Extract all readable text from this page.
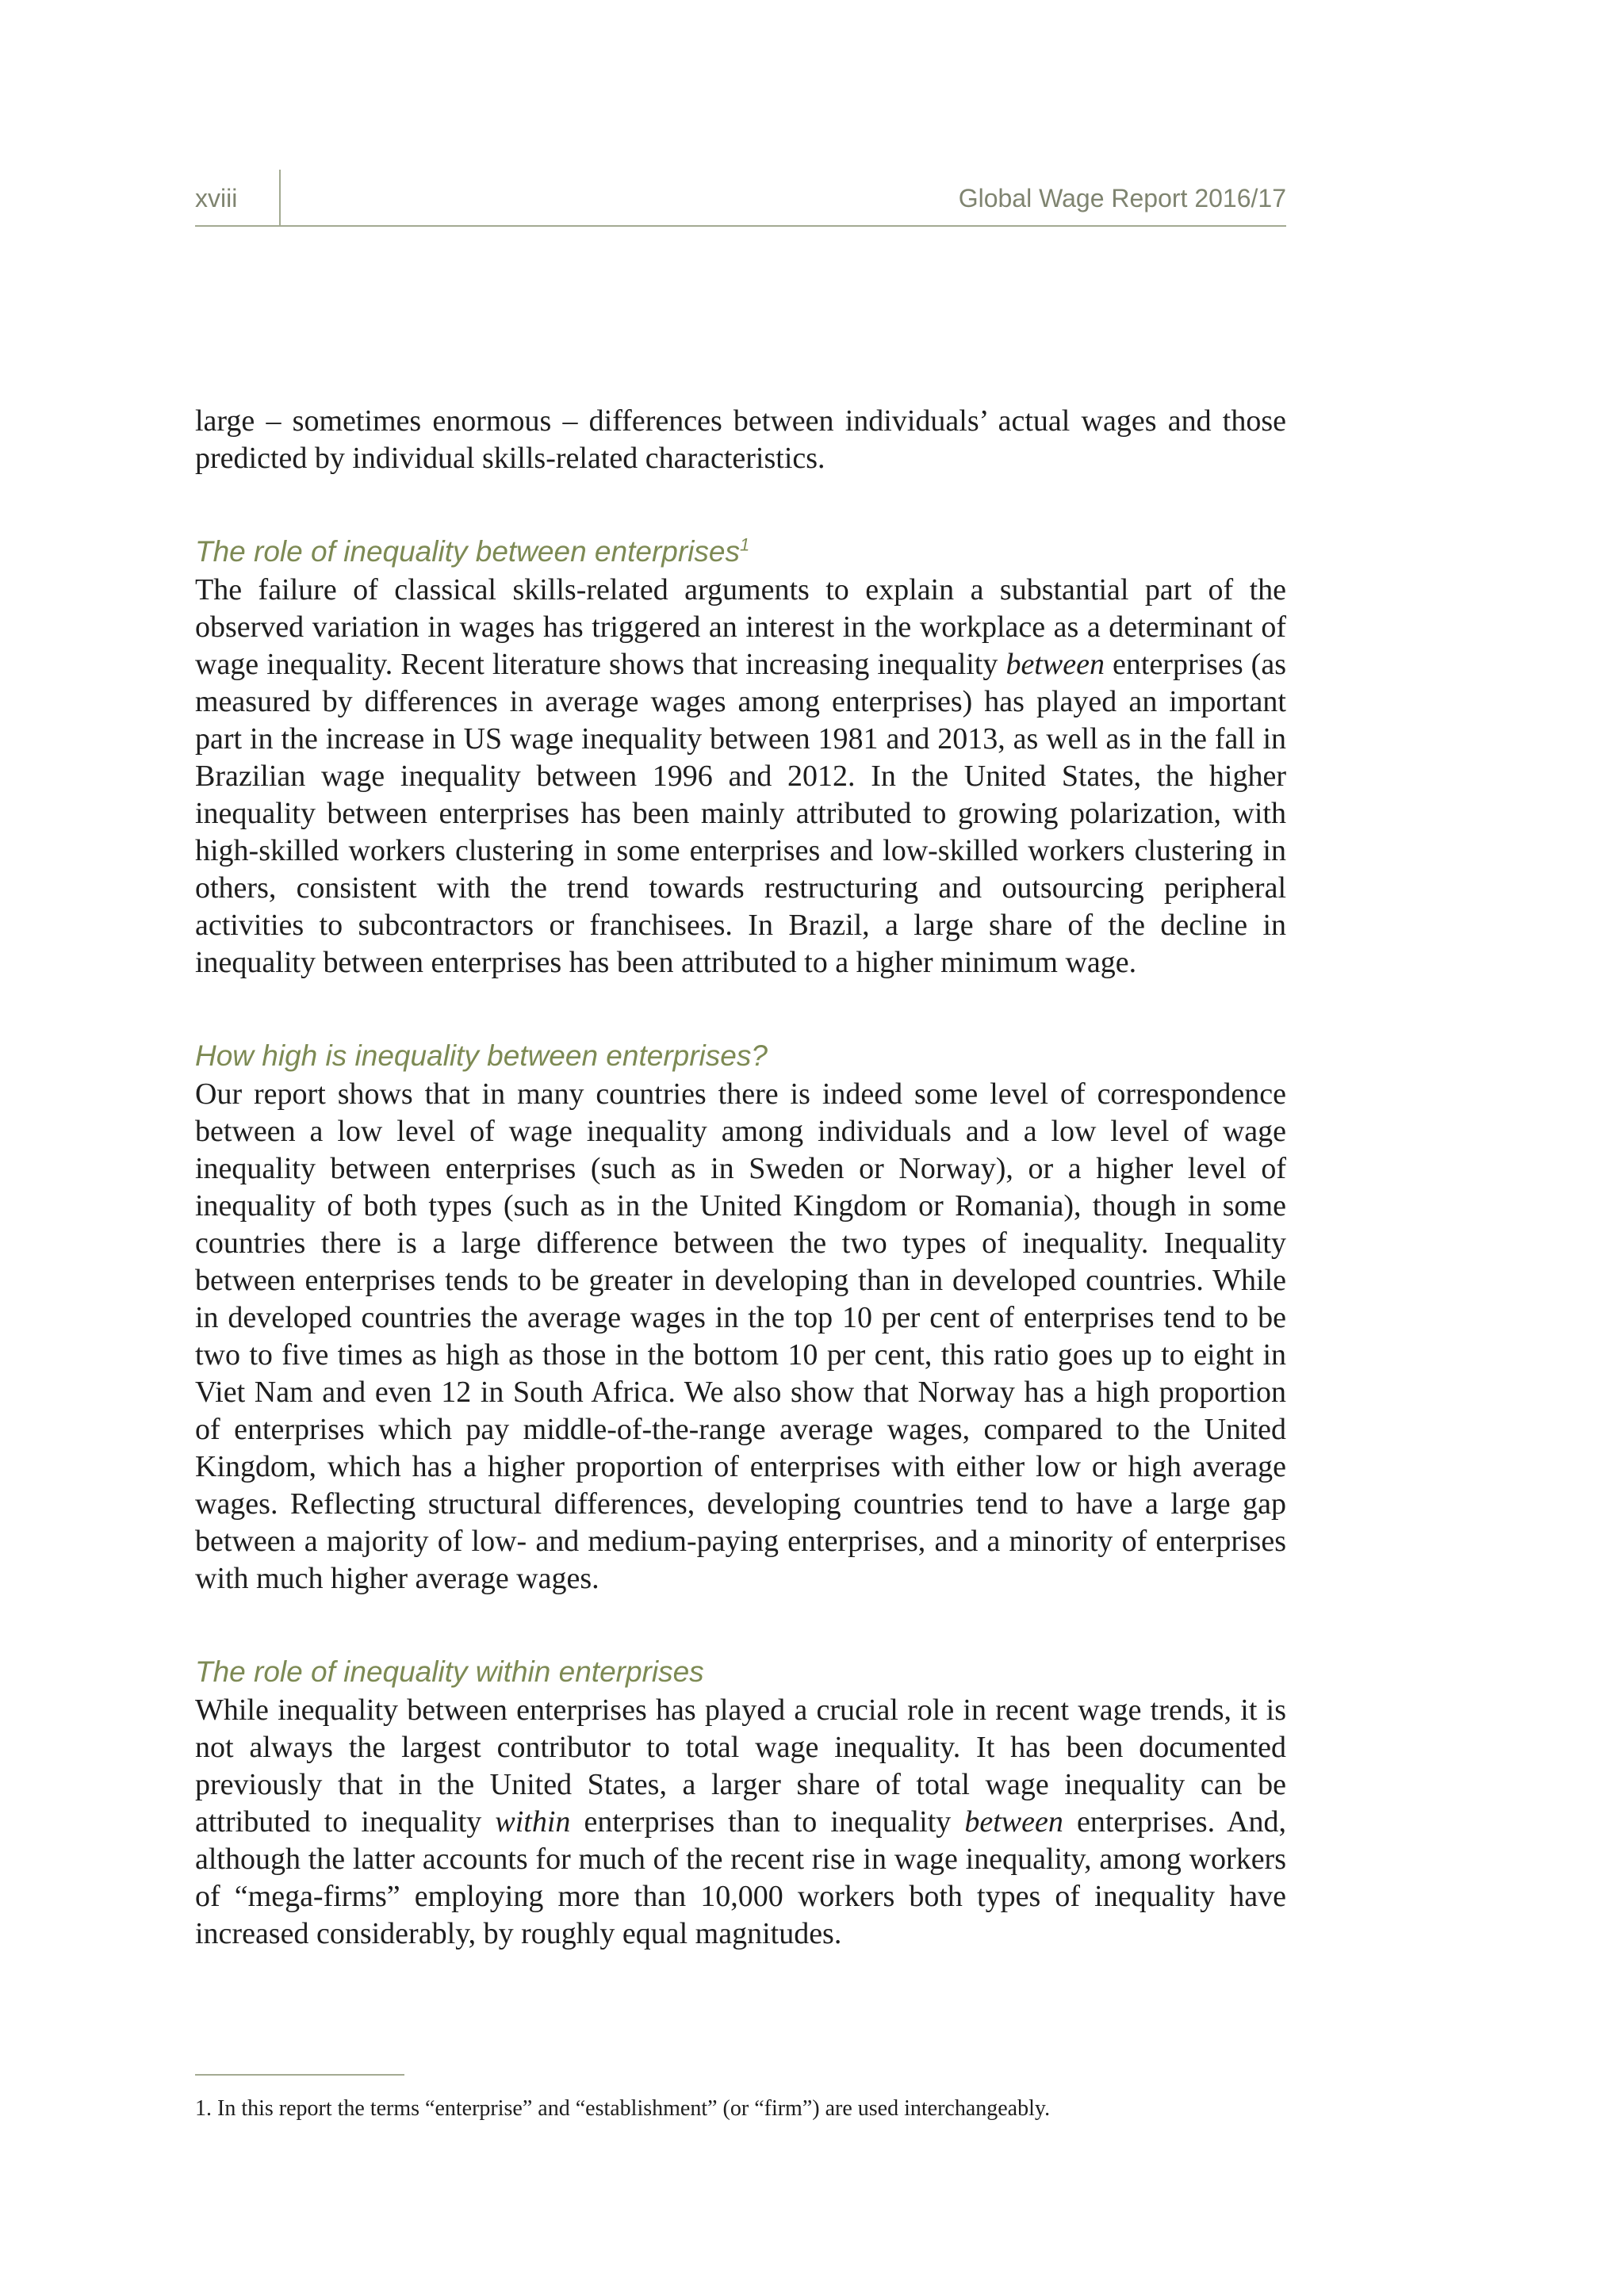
xviii	Global Wage Report 2016/17

large – sometimes enormous – differences between individuals’ actual wages and those predicted by individual skills-related characteristics.

The role of inequality between enterprises$^1$

The failure of classical skills-related arguments to explain a substantial part of the observed variation in wages has triggered an interest in the workplace as a determinant of wage inequality. Recent literature shows that increasing inequality between enterprises (as measured by differences in average wages among enterprises) has played an important part in the increase in US wage inequality between 1981 and 2013, as well as in the fall in Brazilian wage inequality between 1996 and 2012. In the United States, the higher inequality between enterprises has been mainly attributed to growing polarization, with high-skilled workers clustering in some enterprises and low-skilled workers clustering in others, consistent with the trend towards restructuring and outsourcing peripheral activities to subcontractors or franchisees. In Brazil, a large share of the decline in inequality between enterprises has been attributed to a higher minimum wage.

How high is inequality between enterprises?

Our report shows that in many countries there is indeed some level of correspondence between a low level of wage inequality among individuals and a low level of wage inequality between enterprises (such as in Sweden or Norway), or a higher level of inequality of both types (such as in the United Kingdom or Romania), though in some countries there is a large difference between the two types of inequality. Inequality between enterprises tends to be greater in developing than in developed countries. While in developed countries the average wages in the top 10 per cent of enterprises tend to be two to five times as high as those in the bottom 10 per cent, this ratio goes up to eight in Viet Nam and even 12 in South Africa. We also show that Norway has a high proportion of enterprises which pay middle-of-the-range average wages, compared to the United Kingdom, which has a higher proportion of enterprises with either low or high average wages. Reflecting structural differences, developing countries tend to have a large gap between a majority of low- and medium-paying enterprises, and a minority of enterprises with much higher average wages.

The role of inequality within enterprises

While inequality between enterprises has played a crucial role in recent wage trends, it is not always the largest contributor to total wage inequality. It has been documented previously that in the United States, a larger share of total wage inequality can be attributed to inequality within enterprises than to inequality between enterprises. And, although the latter accounts for much of the recent rise in wage inequality, among workers of “mega-firms” employing more than 10,000 workers both types of inequality have increased considerably, by roughly equal magnitudes.

1. In this report the terms “enterprise” and “establishment” (or “firm”) are used interchangeably.
